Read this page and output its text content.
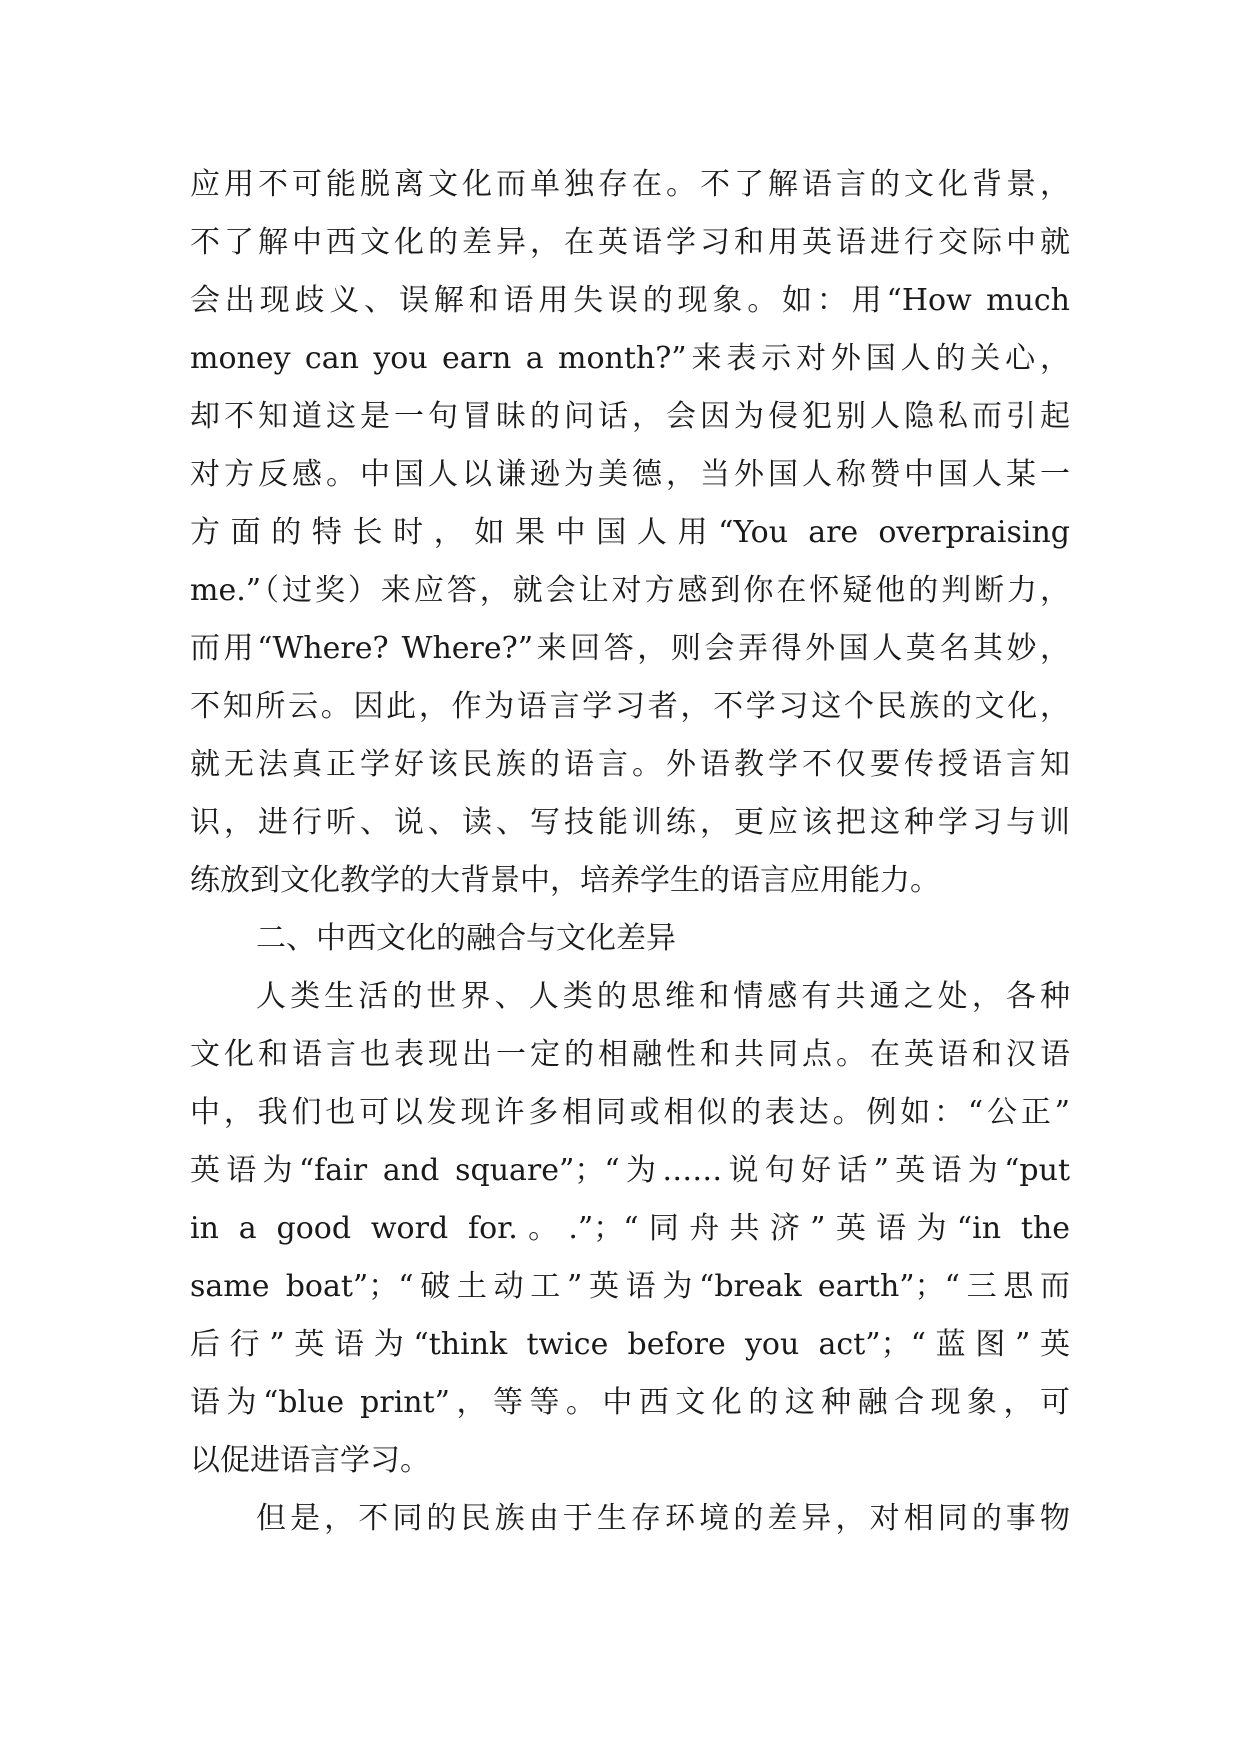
应用不可能脱离文化而单独存在。不了解语言的文化背景，
不了解中西文化的差异，在英语学习和用英语进行交际中就
会出现歧义、误解和语用失误的现象。如：用“How much
money can you earn a month?”来表示对外国人的关心，
却不知道这是一句冒昧的问话，会因为侵犯别人隐私而引起
对方反感。中国人以谦逊为美德，当外国人称赞中国人某一
方面的特长时，如果中国人用“You are overpraising
me.”（过奖）来应答，就会让对方感到你在怀疑他的判断力，
而用“Where? Where?”来回答，则会弄得外国人莫名其妙，
不知所云。因此，作为语言学习者，不学习这个民族的文化，
就无法真正学好该民族的语言。外语教学不仅要传授语言知
识，进行听、说、读、写技能训练，更应该把这种学习与训
练放到文化教学的大背景中，培养学生的语言应用能力。
二、中西文化的融合与文化差异
人类生活的世界、人类的思维和情感有共通之处，各种
文化和语言也表现出一定的相融性和共同点。在英语和汉语
中，我们也可以发现许多相同或相似的表达。例如：“公正”
英语为“fair and square”；“为……说句好话”英语为“put
in a good word for.。.”；“同舟共济”英语为“in the
same boat”；“破土动工”英语为“break earth”；“三思而
后行”英语为“think twice before you act”；“蓝图”英
语为“blue print”，等等。中西文化的这种融合现象，可
以促进语言学习。
但是，不同的民族由于生存环境的差异，对相同的事物
